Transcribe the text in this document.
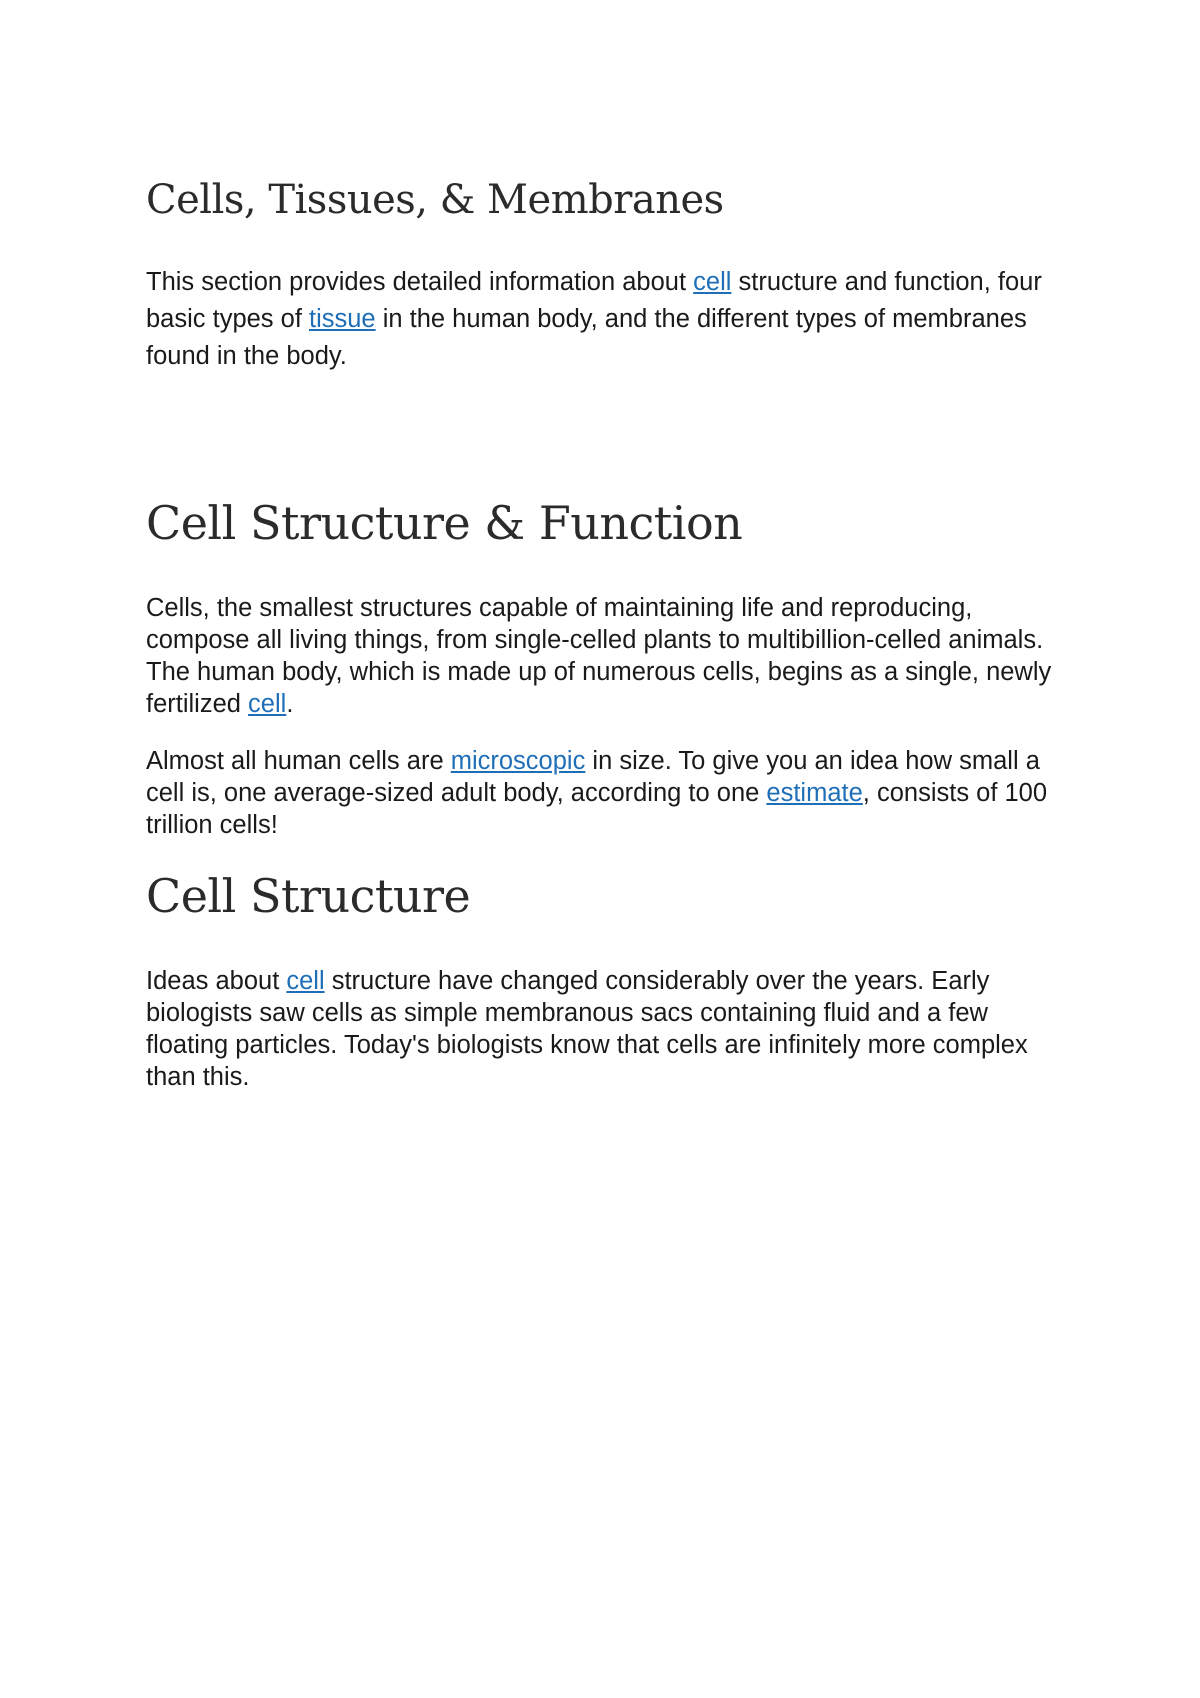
Cells, Tissues, & Membranes

This section provides detailed information about cell structure and function, four basic types of tissue in the human body, and the different types of membranes found in the body.

Cell Structure & Function

Cells, the smallest structures capable of maintaining life and reproducing, compose all living things, from single-celled plants to multibillion-celled animals. The human body, which is made up of numerous cells, begins as a single, newly fertilized cell.

Almost all human cells are microscopic in size. To give you an idea how small a cell is, one average-sized adult body, according to one estimate, consists of 100 trillion cells!

Cell Structure

Ideas about cell structure have changed considerably over the years. Early biologists saw cells as simple membranous sacs containing fluid and a few floating particles. Today's biologists know that cells are infinitely more complex than this.
